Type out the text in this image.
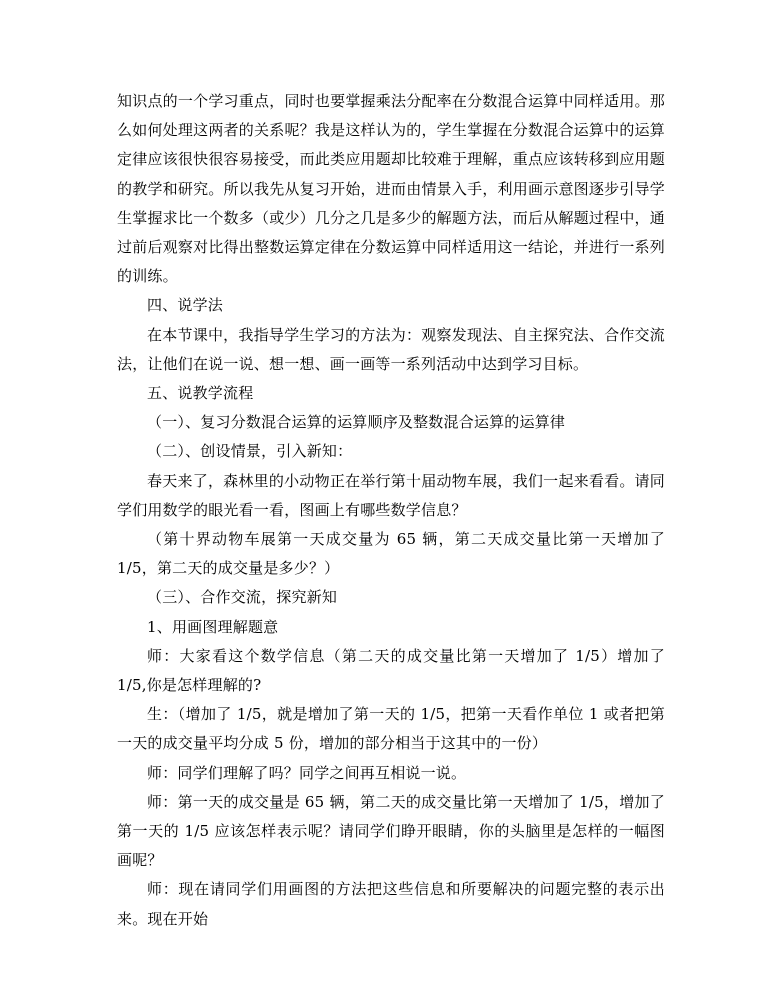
知识点的一个学习重点，同时也要掌握乘法分配率在分数混合运算中同样适用。那么如何处理这两者的关系呢？我是这样认为的，学生掌握在分数混合运算中的运算定律应该很快很容易接受，而此类应用题却比较难于理解，重点应该转移到应用题的教学和研究。所以我先从复习开始，进而由情景入手，利用画示意图逐步引导学生掌握求比一个数多（或少）几分之几是多少的解题方法，而后从解题过程中，通过前后观察对比得出整数运算定律在分数运算中同样适用这一结论，并进行一系列的训练。

四、说学法

在本节课中，我指导学生学习的方法为：观察发现法、自主探究法、合作交流法，让他们在说一说、想一想、画一画等一系列活动中达到学习目标。

五、说教学流程

（一）、复习分数混合运算的运算顺序及整数混合运算的运算律

（二）、创设情景，引入新知：

春天来了，森林里的小动物正在举行第十届动物车展，我们一起来看看。请同学们用数学的眼光看一看，图画上有哪些数学信息？

（第十界动物车展第一天成交量为 65 辆，第二天成交量比第一天增加了 1/5，第二天的成交量是多少？）

（三）、合作交流，探究新知

1、用画图理解题意

师：大家看这个数学信息（第二天的成交量比第一天增加了 1/5）增加了 1/5,你是怎样理解的?

生：（增加了 1/5，就是增加了第一天的 1/5，把第一天看作单位 1 或者把第一天的成交量平均分成 5 份，增加的部分相当于这其中的一份）

师：同学们理解了吗？同学之间再互相说一说。

师：第一天的成交量是 65 辆，第二天的成交量比第一天增加了 1/5，增加了第一天的 1/5 应该怎样表示呢？请同学们睁开眼睛，你的头脑里是怎样的一幅图画呢？

师：现在请同学们用画图的方法把这些信息和所要解决的问题完整的表示出来。现在开始
